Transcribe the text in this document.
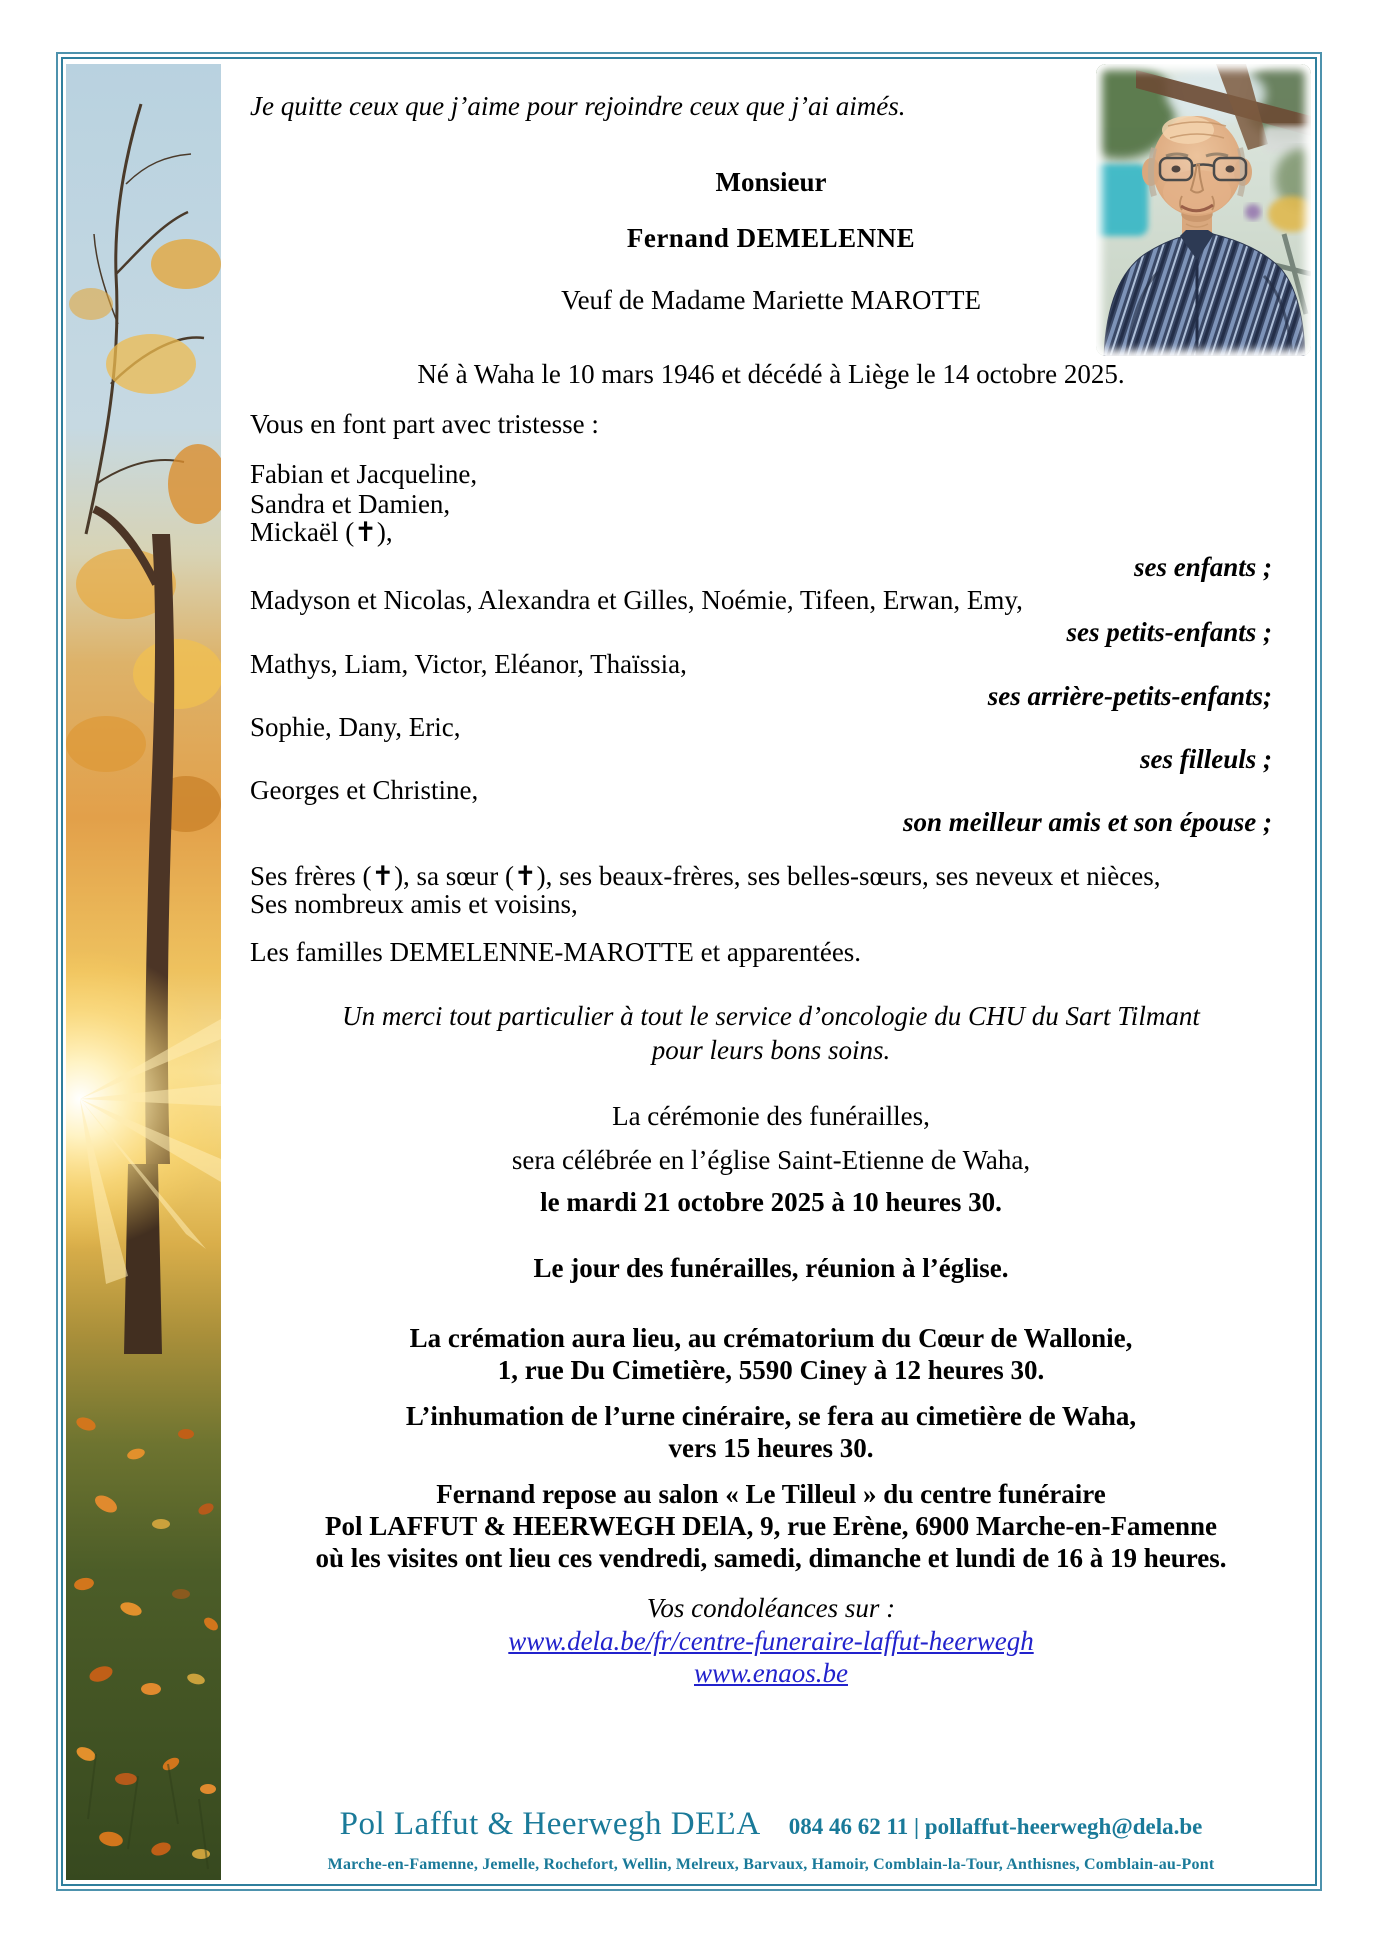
Je quitte ceux que j’aime pour rejoindre ceux que j’ai aimés.
Monsieur
Fernand DEMELENNE
Veuf de Madame Mariette MAROTTE
Né à Waha le 10 mars 1946 et décédé à Liège le 14 octobre 2025.
Vous en font part avec tristesse :
Fabian et Jacqueline,
Sandra et Damien,
Mickaël (✝),
ses enfants ;
Madyson et Nicolas, Alexandra et Gilles, Noémie, Tifeen, Erwan, Emy,
ses petits-enfants ;
Mathys, Liam, Victor, Eléanor, Thaïssia,
ses arrière-petits-enfants;
Sophie, Dany, Eric,
ses filleuls ;
Georges et Christine,
son meilleur amis et son épouse ;
Ses frères (✝), sa sœur (✝), ses beaux-frères, ses belles-sœurs, ses neveux et nièces,
Ses nombreux amis et voisins,
Les familles DEMELENNE-MAROTTE et apparentées.
Un merci tout particulier à tout le service d’oncologie du CHU du Sart Tilmant
pour leurs bons soins.
La cérémonie des funérailles,
sera célébrée en l’église Saint-Etienne de Waha,
le mardi 21 octobre 2025 à 10 heures 30.
Le jour des funérailles, réunion à l’église.
La crémation aura lieu, au crématorium du Cœur de Wallonie,
1, rue Du Cimetière, 5590 Ciney à 12 heures 30.
L’inhumation de l’urne cinéraire, se fera au cimetière de Waha,
vers 15 heures 30.
Fernand repose au salon « Le Tilleul » du centre funéraire
Pol LAFFUT & HEERWEGH DElA, 9, rue Erène, 6900 Marche-en-Famenne
où les visites ont lieu ces vendredi, samedi, dimanche et lundi de 16 à 19 heures.
Vos condoléances sur :
www.dela.be/fr/centre-funeraire-laffut-heerwegh
www.enaos.be
Pol Laffut & Heerwegh DEĽA 084 46 62 11 | pollaffut-heerwegh@dela.be
Marche-en-Famenne, Jemelle, Rochefort, Wellin, Melreux, Barvaux, Hamoir, Comblain-la-Tour, Anthisnes, Comblain-au-Pont
